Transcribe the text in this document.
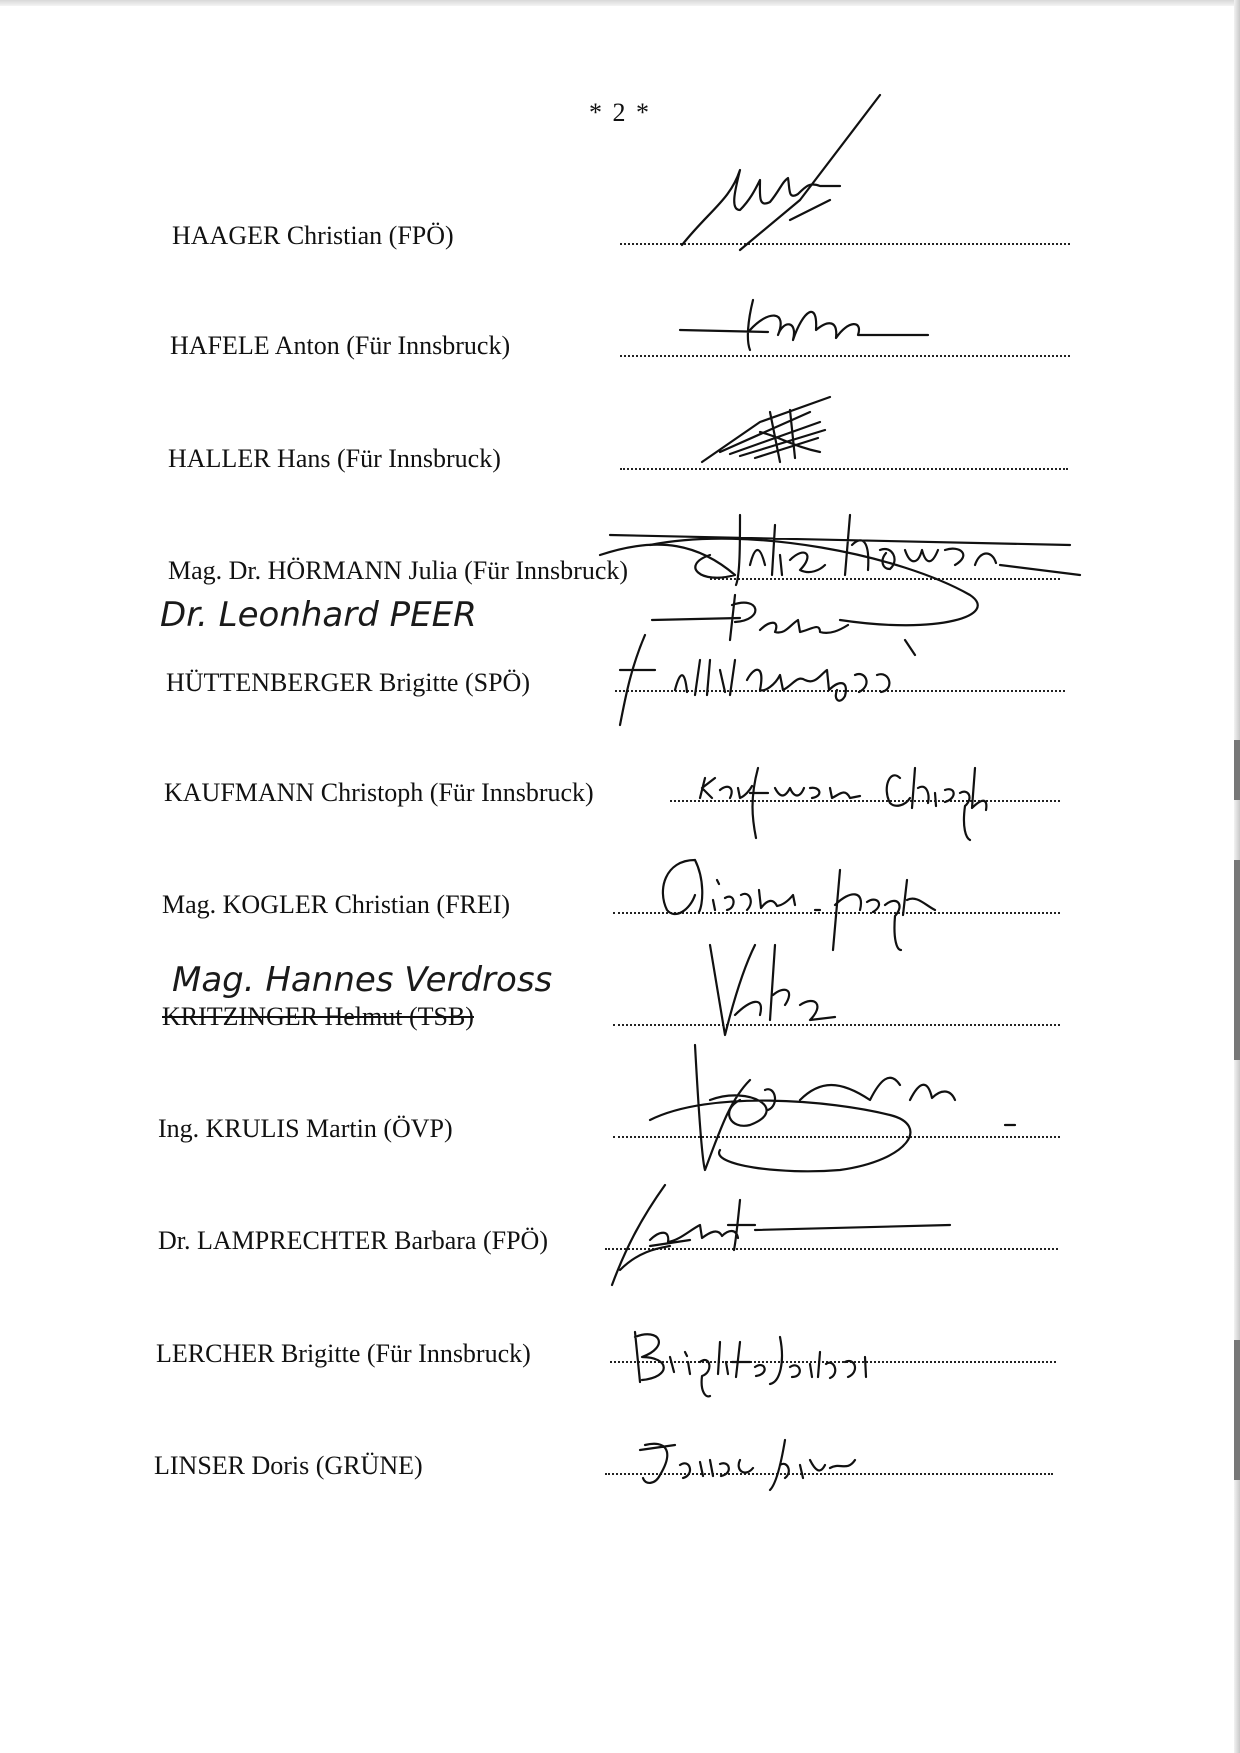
* 2 *
HAAGER Christian (FPÖ)
HAFELE Anton (Für Innsbruck)
HALLER Hans (Für Innsbruck)
Mag. Dr. HÖRMANN Julia (Für Innsbruck)
Dr. Leonhard PEER
HÜTTENBERGER Brigitte (SPÖ)
KAUFMANN Christoph (Für Innsbruck)
Mag. KOGLER Christian (FREI)
Mag. Hannes Verdross
KRITZINGER Helmut (TSB)
Ing. KRULIS Martin (ÖVP)
Dr. LAMPRECHTER Barbara (FPÖ)
LERCHER Brigitte (Für Innsbruck)
LINSER Doris (GRÜNE)
